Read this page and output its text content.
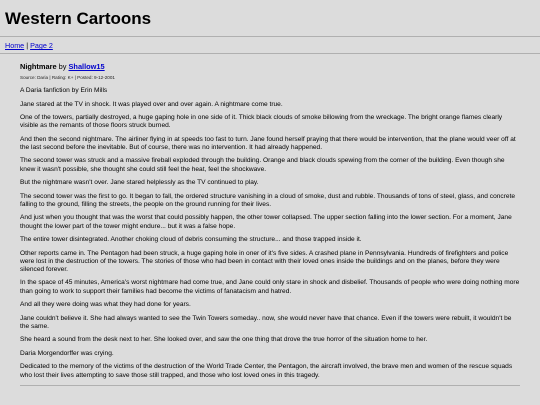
Western Cartoons
Home | Page 2
Nightmare by Shallow15
Source: Daria | Rating: K+ | Posted: 9-12-2001

A Daria fanfiction by Erin Mills

Jane stared at the TV in shock. It was played over and over again. A nightmare come true.

One of the towers, partially destroyed, a huge gaping hole in one side of it. Thick black clouds of smoke billowing from the wreckage. The bright orange flames clearly visible as the remants of those floors struck burned.

And then the second nightmare. The airliner flying in at speeds too fast to turn. Jane found herself praying that there would be intervention, that the plane would veer off at the last second before the inevitable. But of course, there was no intervention. It had already happened.

The second tower was struck and a massive fireball exploded through the building. Orange and black clouds spewing from the corner of the building. Even though she knew it wasn't possible, she thought she could still feel the heat, feel the shockwave.

But the nightmare wasn't over. Jane stared helplessly as the TV continued to play.

The second tower was the first to go. It began to fall, the ordered structure vanishing in a cloud of smoke, dust and rubble. Thousands of tons of steel, glass, and concrete falling to the ground, filling the streets, the people on the ground running for their lives.

And just when you thought that was the worst that could possibly happen, the other tower collapsed. The upper section falling into the lower section. For a moment, Jane thought the lower part of the tower might endure... but it was a false hope.

The entire tower disintegrated. Another choking cloud of debris consuming the structure... and those trapped inside it.

Other reports came in. The Pentagon had been struck, a huge gaping hole in oner of it's five sides. A crashed plane in Pennsylvania. Hundreds of firefighters and police were lost in the destruction of the towers. The stories of those who had been in contact with their loved ones inside the buildings and on the planes, before they were silenced forever.

In the space of 45 minutes, America's worst nightmare had come true, and Jane could only stare in shock and disbelief. Thousands of people who were doing nothing more than going to work to support their families had become the victims of fanatacism and hatred.

And all they were doing was what they had done for years.

Jane couldn't believe it. She had always wanted to see the Twin Towers someday.. now, she would never have that chance. Even if the towers were rebuilt, it wouldn't be the same.

She heard a sound from the desk next to her. She looked over, and saw the one thing that drove the true horror of the situation home to her.

Daria Morgendorffer was crying.

Dedicated to the memory of the victims of the destruction of the World Trade Center, the Pentagon, the aircraft involved, the brave men and women of the rescue squads who lost their lives attempting to save those still trapped, and those who lost loved ones in this tragedy.
